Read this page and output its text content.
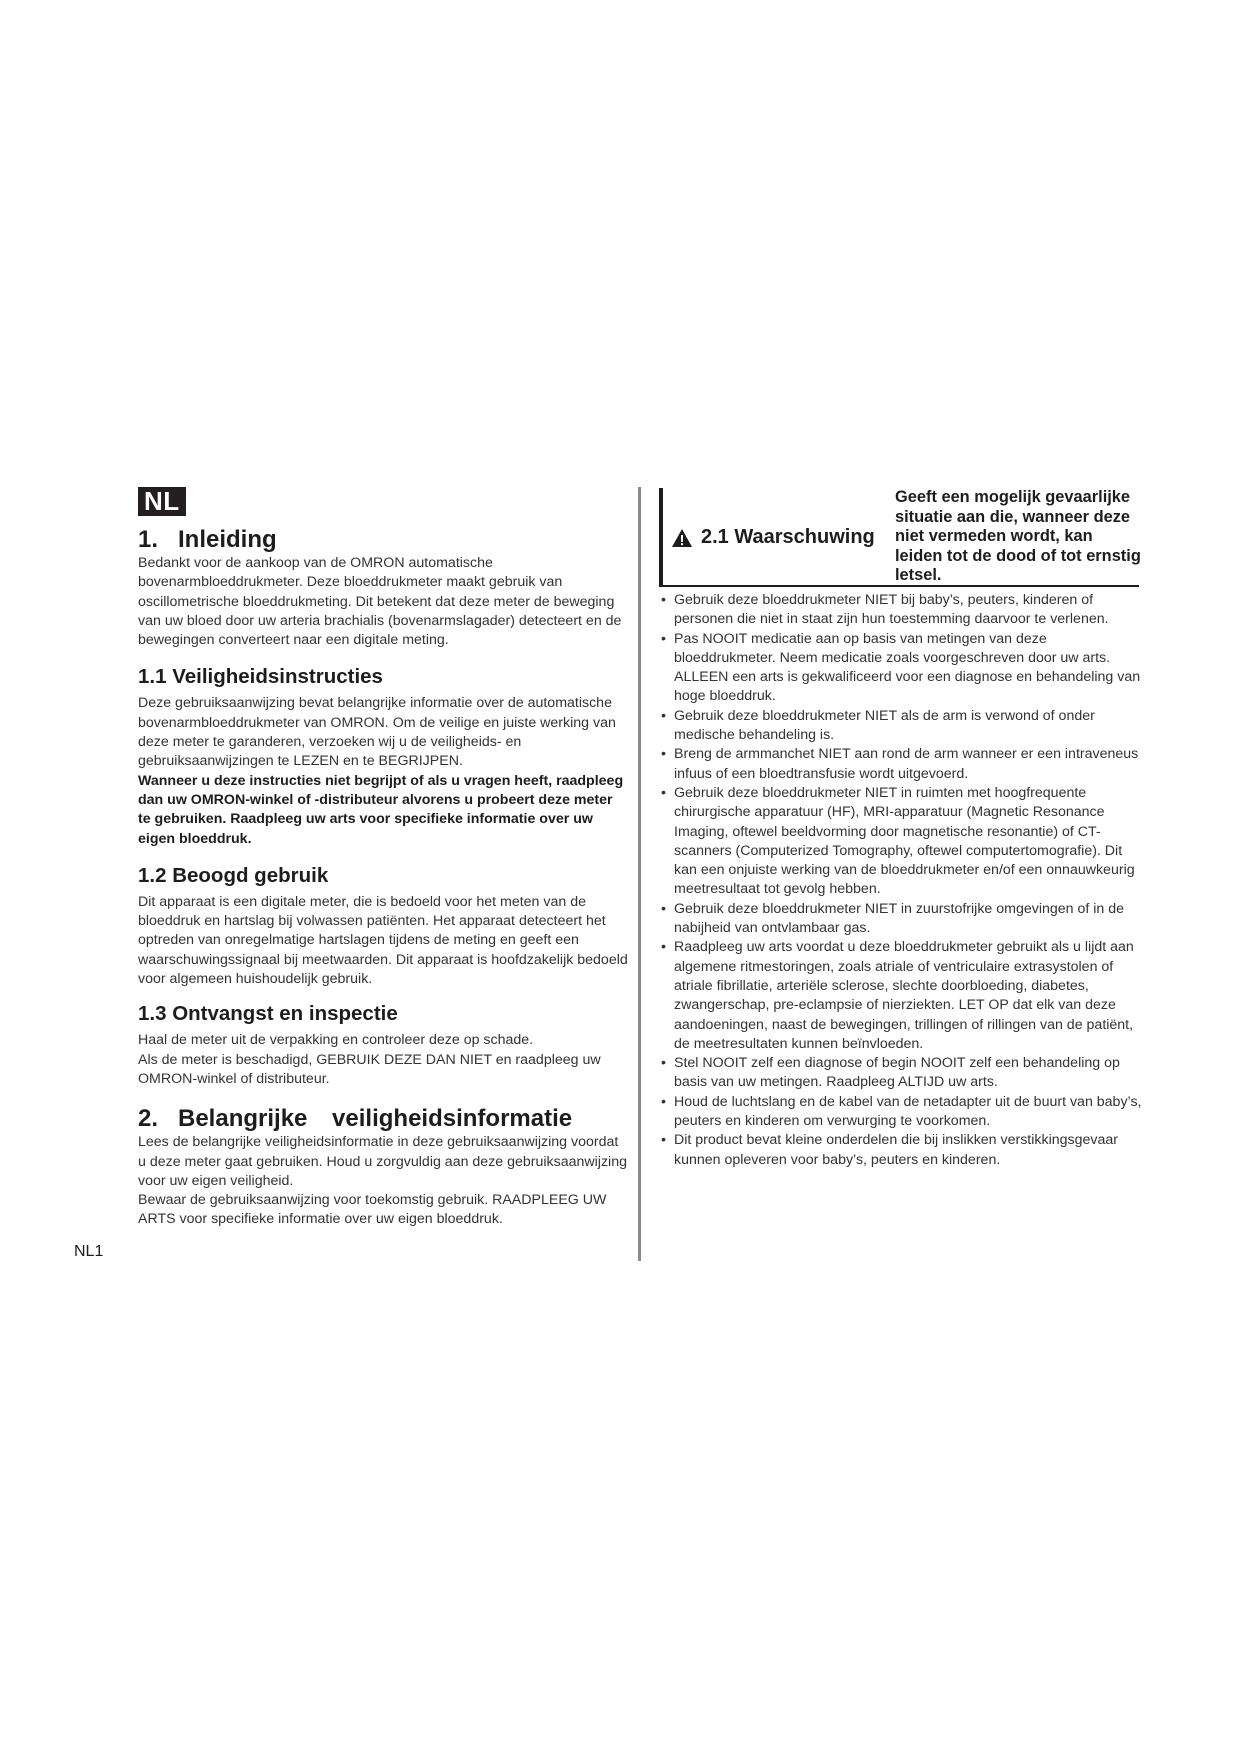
NL
1. Inleiding

Bedankt voor de aankoop van de OMRON automatische bovenarmbloeddrukmeter. Deze bloeddrukmeter maakt gebruik van oscillometrische bloeddrukmeting. Dit betekent dat deze meter de beweging van uw bloed door uw arteria brachialis (bovenarmslagader) detecteert en de bewegingen converteert naar een digitale meting.

1.1 Veiligheidsinstructies

Deze gebruiksaanwijzing bevat belangrijke informatie over de automatische bovenarmbloeddrukmeter van OMRON. Om de veilige en juiste werking van deze meter te garanderen, verzoeken wij u de veiligheids- en gebruiksaanwijzingen te LEZEN en te BEGRIJPEN.

Wanneer u deze instructies niet begrijpt of als u vragen heeft, raadpleeg dan uw OMRON-winkel of -distributeur alvorens u probeert deze meter te gebruiken. Raadpleeg uw arts voor specifieke informatie over uw eigen bloeddruk.

1.2 Beoogd gebruik

Dit apparaat is een digitale meter, die is bedoeld voor het meten van de bloeddruk en hartslag bij volwassen patiënten. Het apparaat detecteert het optreden van onregelmatige hartslagen tijdens de meting en geeft een waarschuwingssignaal bij meetwaarden. Dit apparaat is hoofdzakelijk bedoeld voor algemeen huishoudelijk gebruik.

1.3 Ontvangst en inspectie

Haal de meter uit de verpakking en controleer deze op schade.

Als de meter is beschadigd, GEBRUIK DEZE DAN NIET en raadpleeg uw OMRON-winkel of distributeur.

2. Belangrijke veiligheidsinformatie

Lees de belangrijke veiligheidsinformatie in deze gebruiksaanwijzing voordat u deze meter gaat gebruiken. Houd u zorgvuldig aan deze gebruiksaanwijzing voor uw eigen veiligheid.

Bewaar de gebruiksaanwijzing voor toekomstig gebruik. RAADPLEEG UW ARTS voor specifieke informatie over uw eigen bloeddruk.

2.1 Waarschuwing
Geeft een mogelijk gevaarlijke situatie aan die, wanneer deze niet vermeden wordt, kan leiden tot de dood of tot ernstig letsel.
• Gebruik deze bloeddrukmeter NIET bij baby’s, peuters, kinderen of personen die niet in staat zijn hun toestemming daarvoor te verlenen.
• Pas NOOIT medicatie aan op basis van metingen van deze bloeddrukmeter. Neem medicatie zoals voorgeschreven door uw arts. ALLEEN een arts is gekwalificeerd voor een diagnose en behandeling van hoge bloeddruk.
• Gebruik deze bloeddrukmeter NIET als de arm is verwond of onder medische behandeling is.
• Breng de armmanchet NIET aan rond de arm wanneer er een intraveneus infuus of een bloedtransfusie wordt uitgevoerd.
• Gebruik deze bloeddrukmeter NIET in ruimten met hoogfrequente chirurgische apparatuur (HF), MRI-apparatuur (Magnetic Resonance Imaging, oftewel beeldvorming door magnetische resonantie) of CT-scanners (Computerized Tomography, oftewel computertomografie). Dit kan een onjuiste werking van de bloeddrukmeter en/of een onnauwkeurig meetresultaat tot gevolg hebben.
• Gebruik deze bloeddrukmeter NIET in zuurstofrijke omgevingen of in de nabijheid van ontvlambaar gas.
• Raadpleeg uw arts voordat u deze bloeddrukmeter gebruikt als u lijdt aan algemene ritmestoringen, zoals atriale of ventriculaire extrasystolen of atriale fibrillatie, arteriële sclerose, slechte doorbloeding, diabetes, zwangerschap, pre-eclampsie of nierziekten. LET OP dat elk van deze aandoeningen, naast de bewegingen, trillingen of rillingen van de patiënt, de meetresultaten kunnen beïnvloeden.
• Stel NOOIT zelf een diagnose of begin NOOIT zelf een behandeling op basis van uw metingen. Raadpleeg ALTIJD uw arts.
• Houd de luchtslang en de kabel van de netadapter uit de buurt van baby’s, peuters en kinderen om verwurging te voorkomen.
• Dit product bevat kleine onderdelen die bij inslikken verstikkingsgevaar kunnen opleveren voor baby’s, peuters en kinderen.
NL1
